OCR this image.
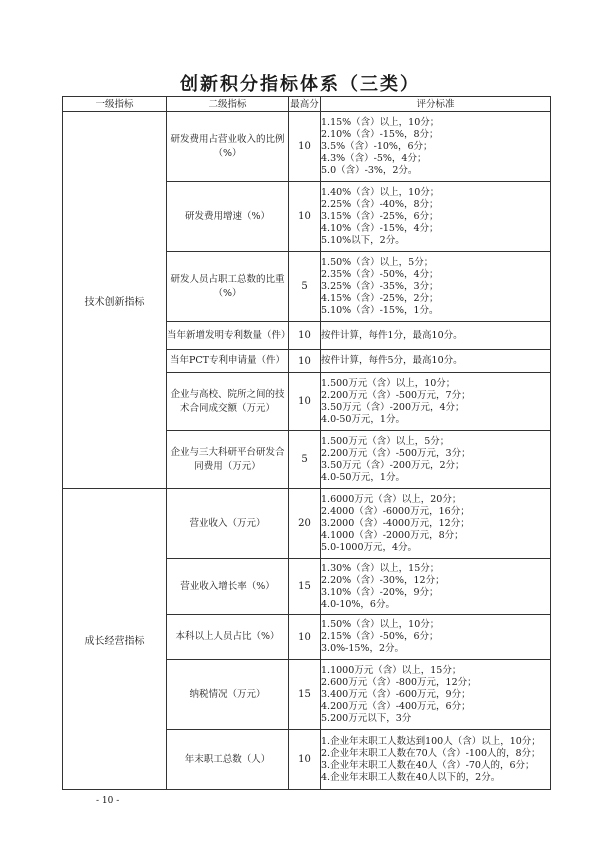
创新积分指标体系（三类）
一级指标	二级指标	最高分	评分标准
技术创新指标	研发费用占营业收入的比例（%）	10	1.15%（含）以上，10分；
2.10%（含）-15%，8分；
3.5%（含）-10%，6分；
4.3%（含）-5%，4分；
5.0（含）-3%，2分。

	研发费用增速（%）	10	1.40%（含）以上，10分；
2.25%（含）-40%，8分；
3.15%（含）-25%，6分；
4.10%（含）-15%，4分；
5.10%以下，2分。

	研发人员占职工总数的比重（%）	5	1.50%（含）以上，5分；
2.35%（含）-50%，4分；
3.25%（含）-35%，3分；
4.15%（含）-25%，2分；
5.10%（含）-15%，1分。

	当年新增发明专利数量（件）	10	按件计算，每件1分，最高10分。

	当年PCT专利申请量（件）	10	按件计算，每件5分，最高10分。

	企业与高校、院所之间的技术合同成交额（万元）	10	1.500万元（含）以上，10分；
2.200万元（含）-500万元，7分；
3.50万元（含）-200万元，4分；
4.0-50万元，1分。

	企业与三大科研平台研发合同费用（万元）	5	1.500万元（含）以上，5分；
2.200万元（含）-500万元，3分；
3.50万元（含）-200万元，2分；
4.0-50万元，1分。

成长经营指标	营业收入（万元）	20	1.6000万元（含）以上，20分；
2.4000（含）-6000万元，16分；
3.2000（含）-4000万元，12分；
4.1000（含）-2000万元，8分；
5.0-1000万元，4分。

	营业收入增长率（%）	15	1.30%（含）以上，15分；
2.20%（含）-30%，12分；
3.10%（含）-20%，9分；
4.0-10%，6分。

	本科以上人员占比（%）	10	1.50%（含）以上，10分；
2.15%（含）-50%，6分；
3.0%-15%，2分。

	纳税情况（万元）	15	1.1000万元（含）以上，15分；
2.600万元（含）-800万元，12分；
3.400万元（含）-600万元，9分；
4.200万元（含）-400万元，6分；
5.200万元以下，3分

	年末职工总数（人）	10	1.企业年末职工人数达到100人（含）以上，10分；
2.企业年末职工人数在70人（含）-100人的，8分；
3.企业年末职工人数在40人（含）-70人的，6分；
4.企业年末职工人数在40人以下的，2分。
- 10 -
